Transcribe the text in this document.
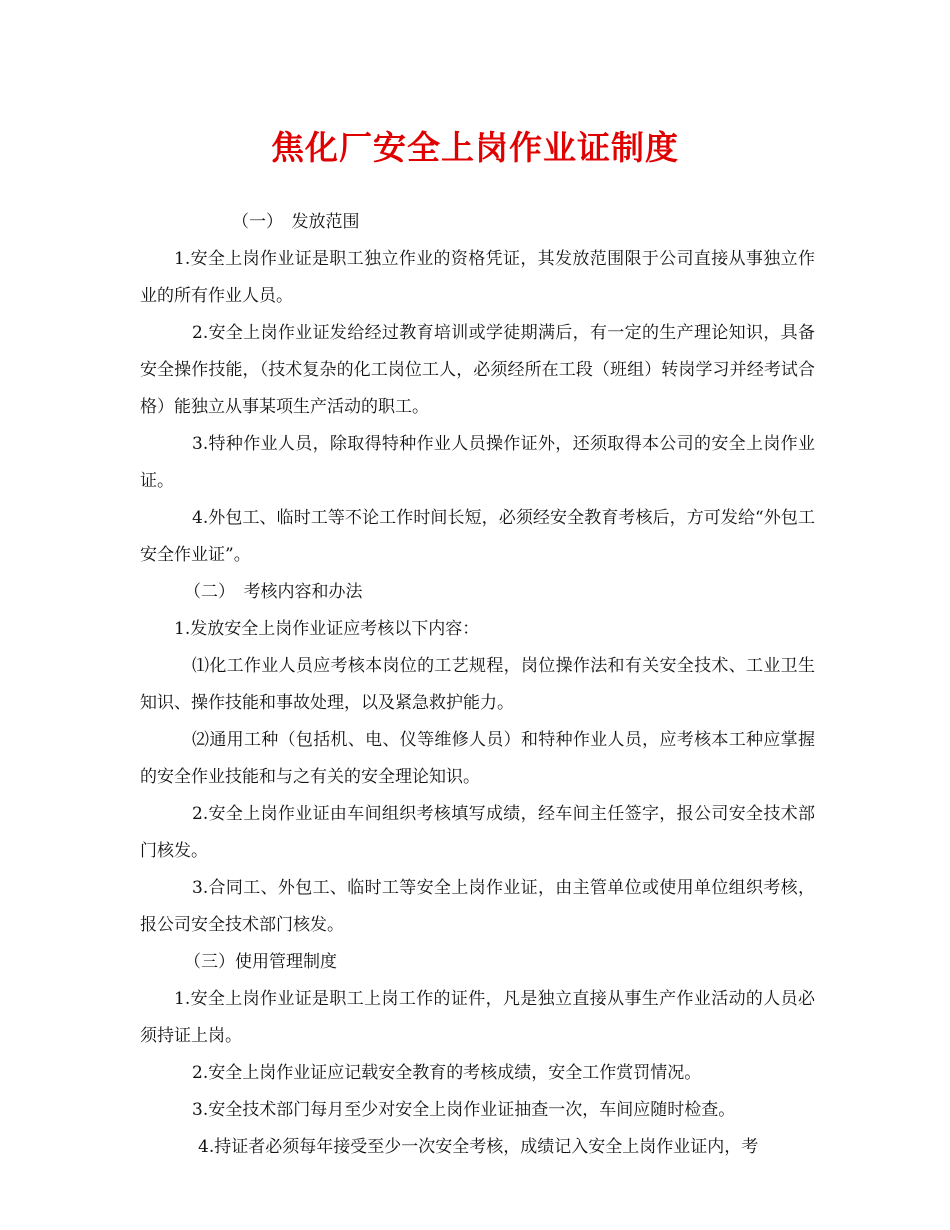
焦化厂安全上岗作业证制度

（一）　发放范围

1.安全上岗作业证是职工独立作业的资格凭证，其发放范围限于公司直接从事独立作业的所有作业人员。

2.安全上岗作业证发给经过教育培训或学徒期满后，有一定的生产理论知识，具备安全操作技能，（技术复杂的化工岗位工人，必须经所在工段（班组）转岗学习并经考试合格）能独立从事某项生产活动的职工。

3.特种作业人员，除取得特种作业人员操作证外，还须取得本公司的安全上岗作业证。

4.外包工、临时工等不论工作时间长短，必须经安全教育考核后，方可发给“外包工安全作业证”。

（二）　考核内容和办法

1.发放安全上岗作业证应考核以下内容：

⑴化工作业人员应考核本岗位的工艺规程，岗位操作法和有关安全技术、工业卫生知识、操作技能和事故处理，以及紧急救护能力。

⑵通用工种（包括机、电、仪等维修人员）和特种作业人员，应考核本工种应掌握的安全作业技能和与之有关的安全理论知识。

2.安全上岗作业证由车间组织考核填写成绩，经车间主任签字，报公司安全技术部门核发。

3.合同工、外包工、临时工等安全上岗作业证，由主管单位或使用单位组织考核，报公司安全技术部门核发。

（三）使用管理制度

1.安全上岗作业证是职工上岗工作的证件，凡是独立直接从事生产作业活动的人员必须持证上岗。

2.安全上岗作业证应记载安全教育的考核成绩，安全工作赏罚情况。

3.安全技术部门每月至少对安全上岗作业证抽查一次，车间应随时检查。

4.持证者必须每年接受至少一次安全考核，成绩记入安全上岗作业证内，考
